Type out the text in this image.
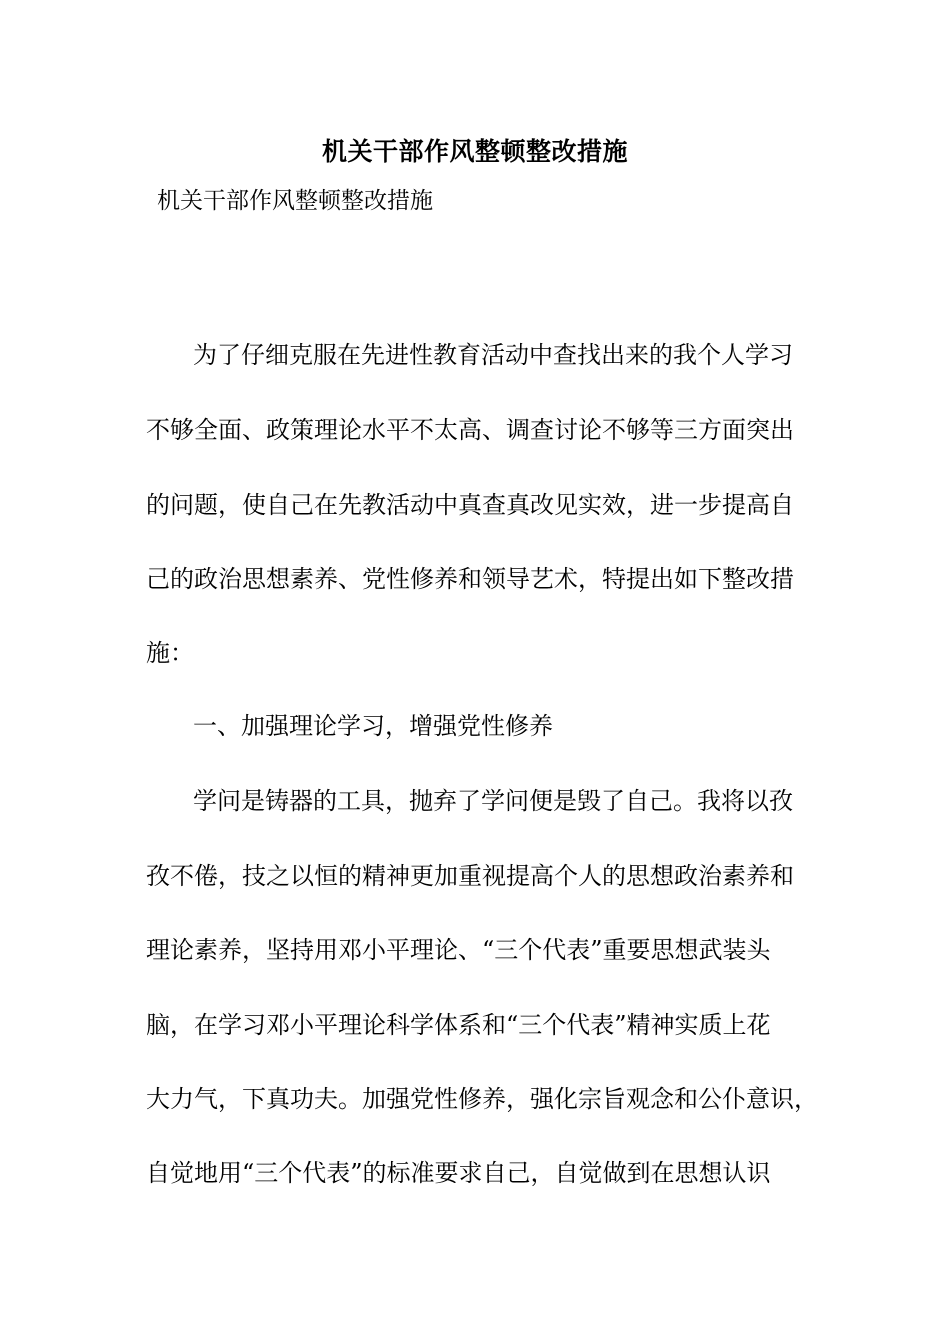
机关干部作风整顿整改措施
机关干部作风整顿整改措施
为了仔细克服在先进性教育活动中查找出来的我个人学习
不够全面、政策理论水平不太高、调查讨论不够等三方面突出
的问题，使自己在先教活动中真查真改见实效，进一步提高自
己的政治思想素养、党性修养和领导艺术，特提出如下整改措
施：
一、加强理论学习，增强党性修养
学问是铸器的工具，抛弃了学问便是毁了自己。我将以孜
孜不倦，技之以恒的精神更加重视提高个人的思想政治素养和
理论素养，坚持用邓小平理论、“三个代表”重要思想武装头
脑，在学习邓小平理论科学体系和“三个代表”精神实质上花
大力气，下真功夫。加强党性修养，强化宗旨观念和公仆意识，
自觉地用“三个代表”的标准要求自己，自觉做到在思想认识
